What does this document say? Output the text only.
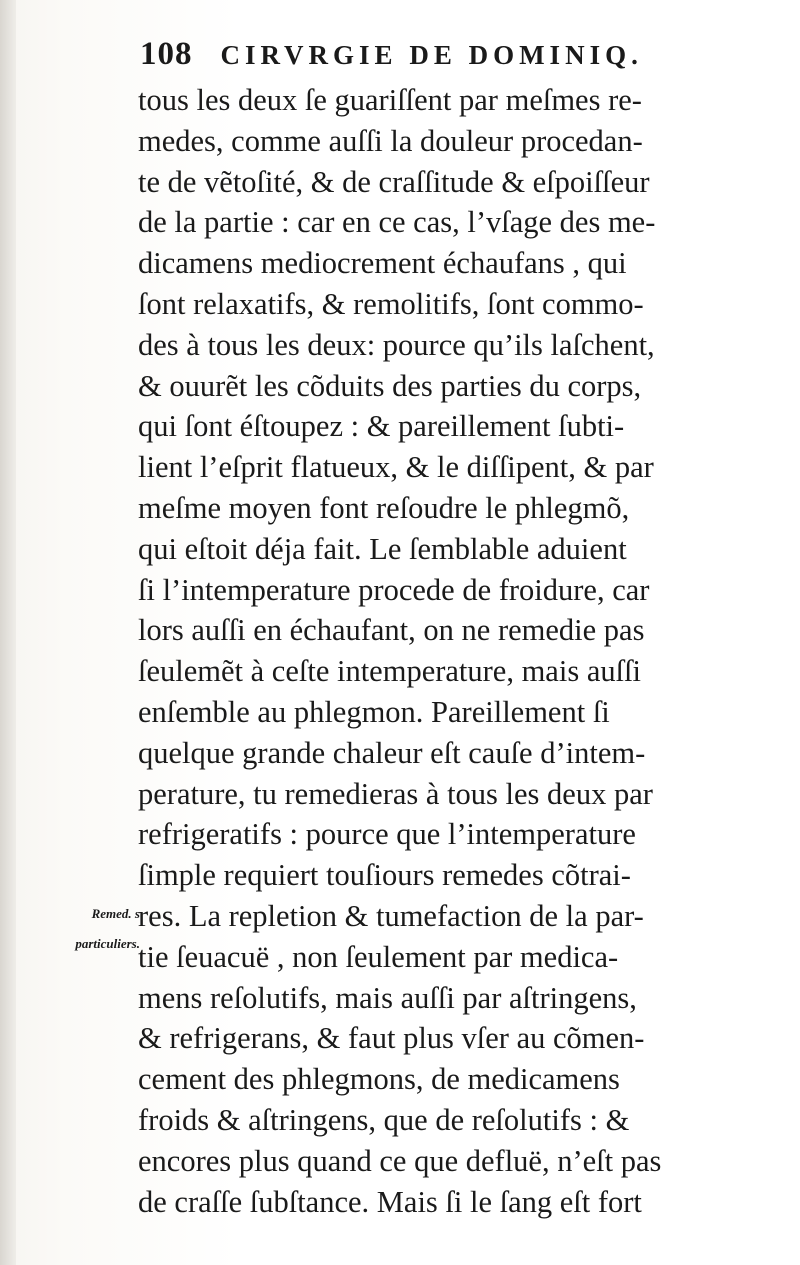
108 CIRVRGIE DE DOMINIQ.
Remed. s
particuliers.
tous les deux ſe guariſſent par meſmes re-
medes, comme auſſi la douleur procedan-
te de vẽtoſité, & de craſſitude & eſpoiſſeur
de la partie : car en ce cas, l’vſage des me-
dicamens mediocrement échaufans , qui
ſont relaxatifs, & remolitifs, ſont commo-
des à tous les deux: pource qu’ils laſchent,
& ouurẽt les cõduits des parties du corps,
qui ſont éſtoupez : & pareillement ſubti-
lient l’eſprit flatueux, & le diſſipent, & par
meſme moyen font reſoudre le phlegmõ,
qui eſtoit déja fait. Le ſemblable aduient
ſi l’intemperature procede de froidure, car
lors auſſi en échaufant, on ne remedie pas
ſeulemẽt à ceſte intemperature, mais auſſi
enſemble au phlegmon. Pareillement ſi
quelque grande chaleur eſt cauſe d’intem-
perature, tu remedieras à tous les deux par
refrigeratifs : pource que l’intemperature
ſimple requiert touſiours remedes cõtrai-
res. La repletion & tumefaction de la par-
tie ſeuacuë , non ſeulement par medica-
mens reſolutifs, mais auſſi par aſtringens,
& refrigerans, & faut plus vſer au cõmen-
cement des phlegmons, de medicamens
froids & aſtringens, que de reſolutifs : &
encores plus quand ce que defluë, n’eſt pas
de craſſe ſubſtance. Mais ſi le ſang eſt fort
